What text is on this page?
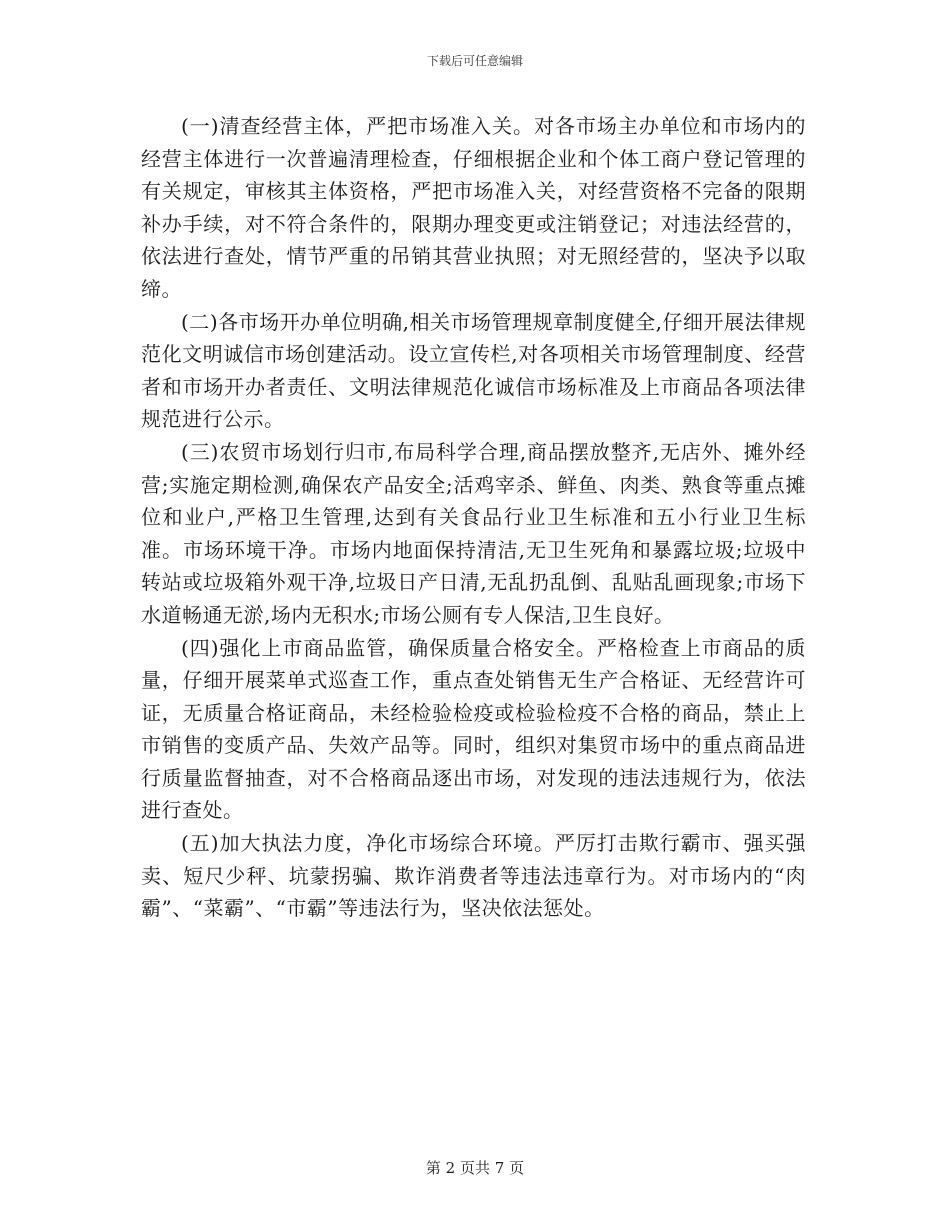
下载后可任意编辑

(一)清查经营主体，严把市场准入关。对各市场主办单位和市场内的经营主体进行一次普遍清理检查，仔细根据企业和个体工商户登记管理的有关规定，审核其主体资格，严把市场准入关，对经营资格不完备的限期补办手续，对不符合条件的，限期办理变更或注销登记；对违法经营的，依法进行查处，情节严重的吊销其营业执照；对无照经营的，坚决予以取缔。

(二)各市场开办单位明确,相关市场管理规章制度健全,仔细开展法律规范化文明诚信市场创建活动。设立宣传栏,对各项相关市场管理制度、经营者和市场开办者责任、文明法律规范化诚信市场标准及上市商品各项法律规范进行公示。

(三)农贸市场划行归市,布局科学合理,商品摆放整齐,无店外、摊外经营;实施定期检测,确保农产品安全;活鸡宰杀、鲜鱼、肉类、熟食等重点摊位和业户,严格卫生管理,达到有关食品行业卫生标准和五小行业卫生标准。市场环境干净。市场内地面保持清洁,无卫生死角和暴露垃圾;垃圾中转站或垃圾箱外观干净,垃圾日产日清,无乱扔乱倒、乱贴乱画现象;市场下水道畅通无淤,场内无积水;市场公厕有专人保洁,卫生良好。

(四)强化上市商品监管，确保质量合格安全。严格检查上市商品的质量，仔细开展菜单式巡查工作，重点查处销售无生产合格证、无经营许可证，无质量合格证商品，未经检验检疫或检验检疫不合格的商品，禁止上市销售的变质产品、失效产品等。同时，组织对集贸市场中的重点商品进行质量监督抽查，对不合格商品逐出市场，对发现的违法违规行为，依法进行查处。

(五)加大执法力度，净化市场综合环境。严厉打击欺行霸市、强买强卖、短尺少秤、坑蒙拐骗、欺诈消费者等违法违章行为。对市场内的“肉霸”、“菜霸”、“市霸”等违法行为，坚决依法惩处。

第 2 页共 7 页
